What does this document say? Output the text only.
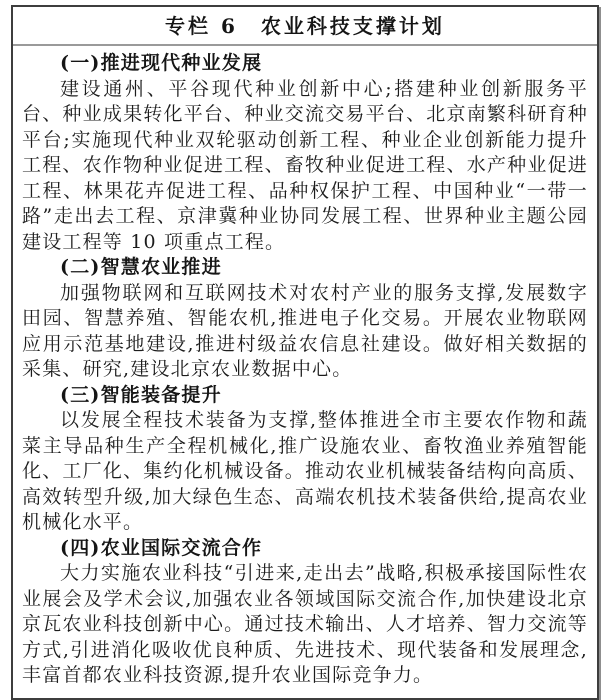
专栏 6　农业科技支撑计划
(一)推进现代种业发展

建设通州、平谷现代种业创新中心;搭建种业创新服务平台、种业成果转化平台、种业交流交易平台、北京南繁科研育种平台;实施现代种业双轮驱动创新工程、种业企业创新能力提升工程、农作物种业促进工程、畜牧种业促进工程、水产种业促进工程、林果花卉促进工程、品种权保护工程、中国种业“一带一路”走出去工程、京津冀种业协同发展工程、世界种业主题公园建设工程等 10 项重点工程。

(二)智慧农业推进

加强物联网和互联网技术对农村产业的服务支撑,发展数字田园、智慧养殖、智能农机,推进电子化交易。开展农业物联网应用示范基地建设,推进村级益农信息社建设。做好相关数据的采集、研究,建设北京农业数据中心。

(三)智能装备提升

以发展全程技术装备为支撑,整体推进全市主要农作物和蔬菜主导品种生产全程机械化,推广设施农业、畜牧渔业养殖智能化、工厂化、集约化机械设备。推动农业机械装备结构向高质、高效转型升级,加大绿色生态、高端农机技术装备供给,提高农业机械化水平。

(四)农业国际交流合作

大力实施农业科技“引进来,走出去”战略,积极承接国际性农业展会及学术会议,加强农业各领域国际交流合作,加快建设北京京瓦农业科技创新中心。通过技术输出、人才培养、智力交流等方式,引进消化吸收优良种质、先进技术、现代装备和发展理念,丰富首都农业科技资源,提升农业国际竞争力。
